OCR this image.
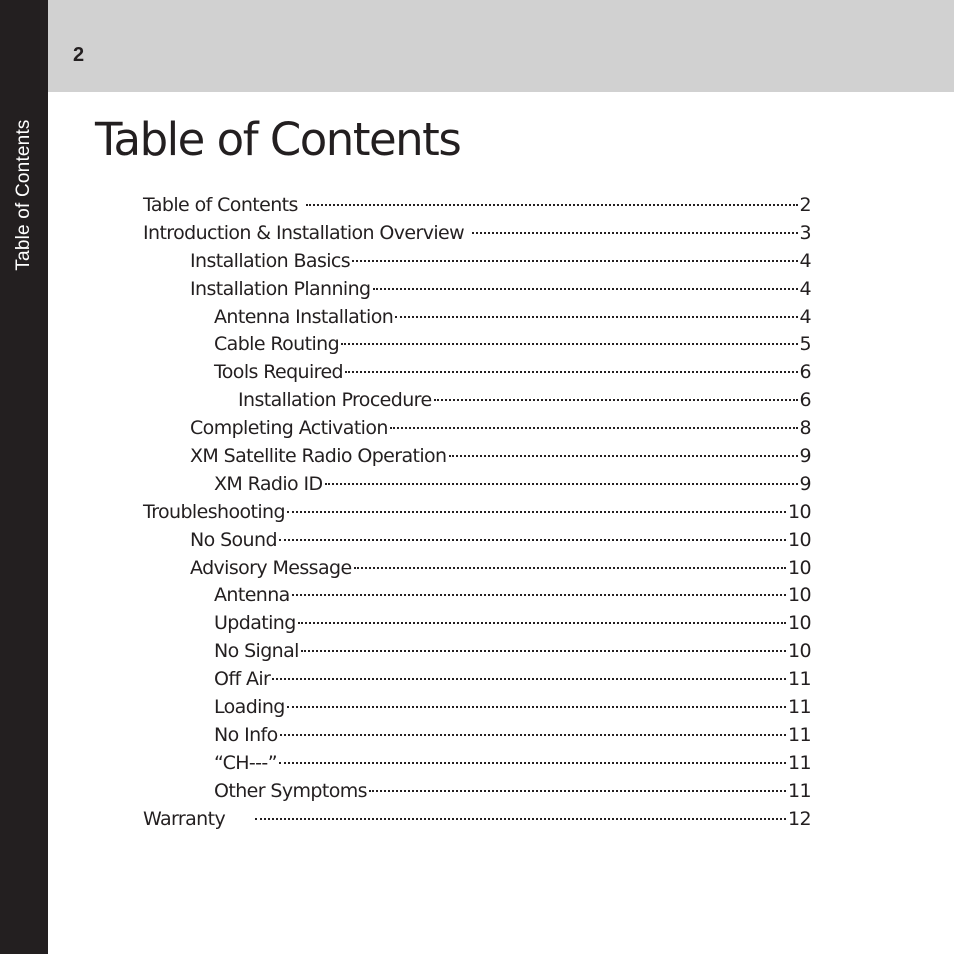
Table of Contents
2
Table of Contents
Table of Contents	2
Introduction & Installation Overview	3
Installation Basics	4
Installation Planning	4
Antenna Installation	4
Cable Routing	5
Tools Required	6
Installation Procedure	6
Completing Activation	8
XM Satellite Radio Operation	9
XM Radio ID	9
Troubleshooting	10
No Sound	10
Advisory Message	10
Antenna	10
Updating	10
No Signal	10
Off Air	11
Loading	11
No Info	11
“CH---”	11
Other Symptoms	11
Warranty	12
